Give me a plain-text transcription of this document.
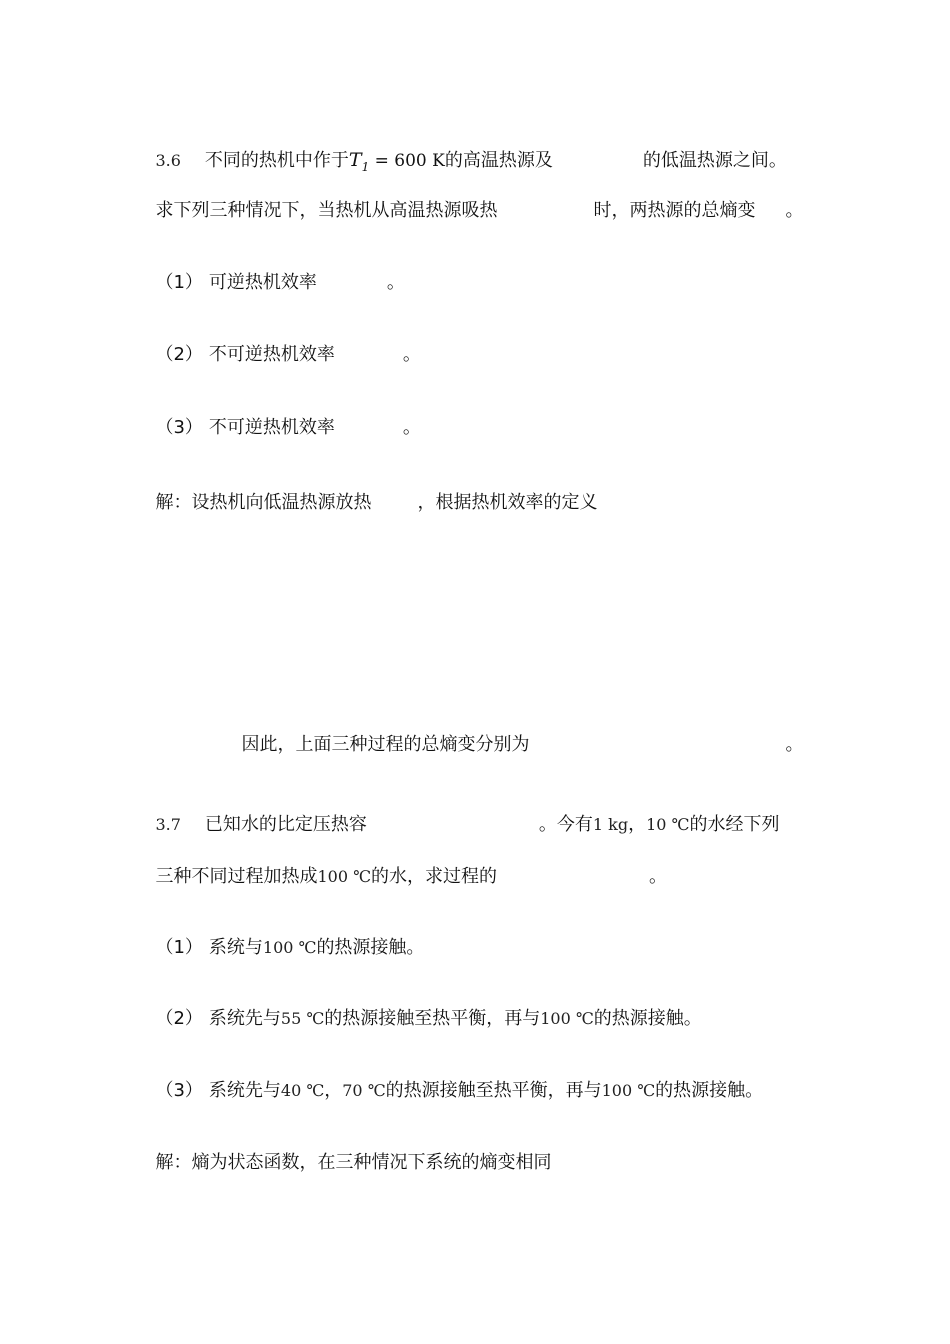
3.6 不同的热机中作于$T_1 = 600$ K的高温热源及	的低温热源之间。

求下列三种情况下，当热机从高温热源吸热	时，两热源的总熵变 。

（1） 可逆热机效率	。

（2） 不可逆热机效率	。

（3） 不可逆热机效率	。

解：设热机向低温热源放热	，根据热机效率的定义

因此，上面三种过程的总熵变分别为	。

3.7 已知水的比定压热容	。今有1 kg，10 ℃的水经下列

三种不同过程加热成100 ℃的水，求过程的	。

（1） 系统与100 ℃的热源接触。

（2） 系统先与55 ℃的热源接触至热平衡，再与100 ℃的热源接触。

（3） 系统先与40 ℃，70 ℃的热源接触至热平衡，再与100 ℃的热源接触。

解：熵为状态函数，在三种情况下系统的熵变相同
